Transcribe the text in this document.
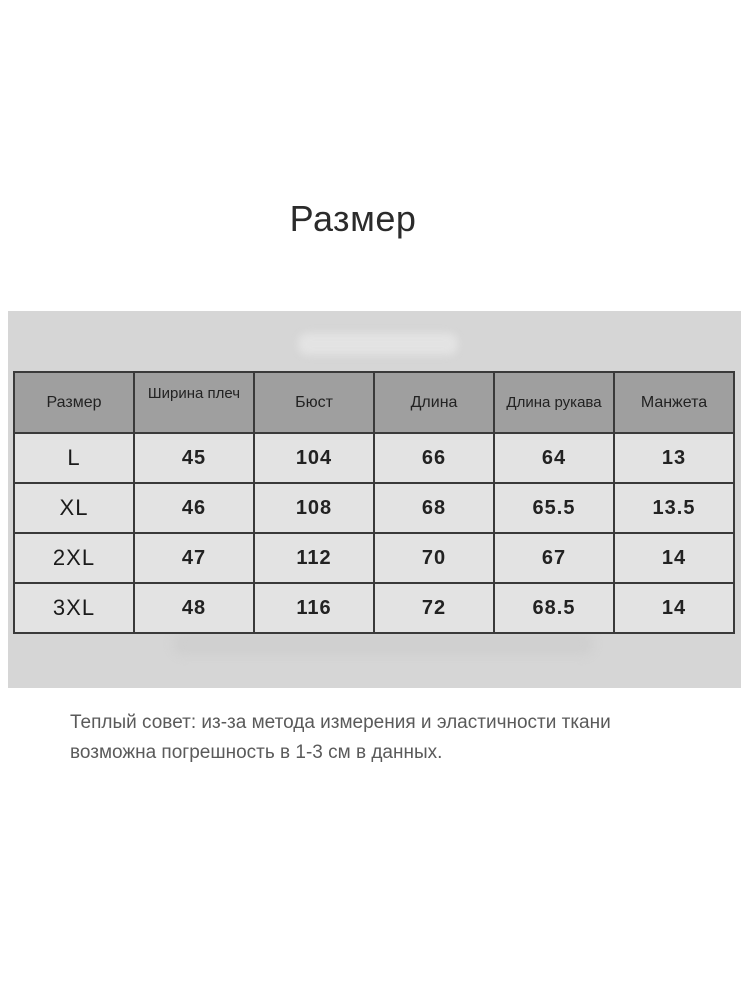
Размер
Размер	Ширина плеч	Бюст	Длина	Длина рукава	Манжета
L	45	104	66	64	13
XL	46	108	68	65.5	13.5
2XL	47	112	70	67	14
3XL	48	116	72	68.5	14

Теплый совет: из-за метода измерения и эластичности ткани
возможна погрешность в 1-3 см в данных.
